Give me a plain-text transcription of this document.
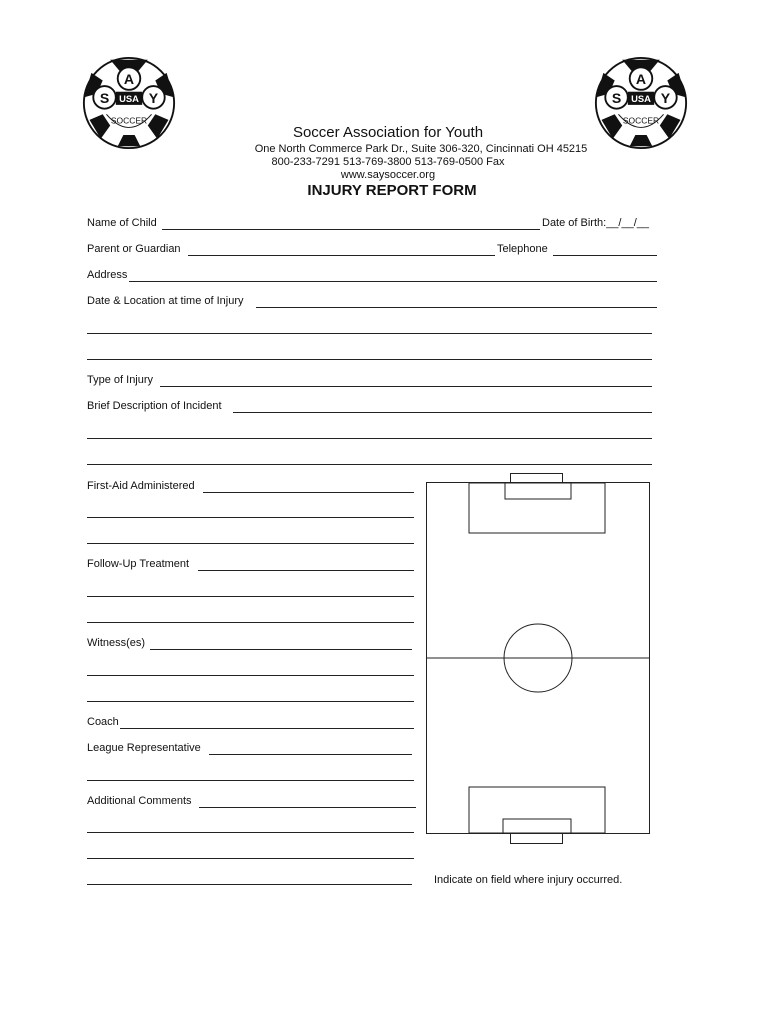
A
S	Y
USA
SOCCER
A
S	Y
USA
SOCCER
Soccer Association for Youth
One North Commerce Park Dr., Suite 306-320, Cincinnati OH 45215
800-233-7291 513-769-3800 513-769-0500 Fax
www.saysoccer.org
INJURY REPORT FORM
Name of Child	Date of Birth:__/__/__
Parent or Guardian	Telephone
Address
Date & Location at time of Injury
Type of Injury
Brief Description of Incident
First-Aid Administered
Follow-Up Treatment
Witness(es)
Coach
League Representative
Additional Comments
Indicate on field where injury occurred.
